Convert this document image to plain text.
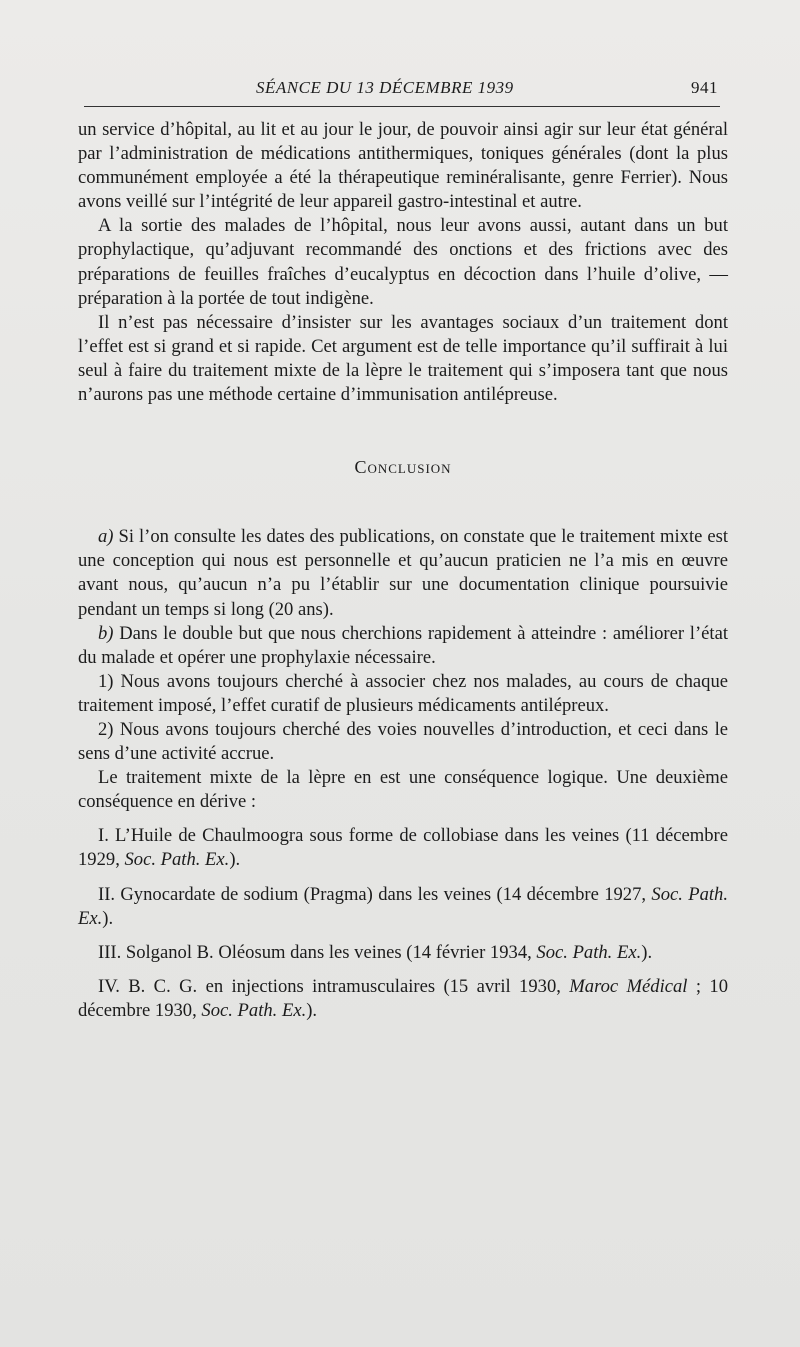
SÉANCE DU 13 DÉCEMBRE 1939	941

un service d’hôpital, au lit et au jour le jour, de pouvoir ainsi agir sur leur état général par l’administration de médications antithermiques, toniques générales (dont la plus communément employée a été la thérapeutique reminéralisante, genre Ferrier). Nous avons veillé sur l’intégrité de leur appareil gastro-intestinal et autre.

A la sortie des malades de l’hôpital, nous leur avons aussi, autant dans un but prophylactique, qu’adjuvant recommandé des onctions et des frictions avec des préparations de feuilles fraîches d’eucalyptus en décoction dans l’huile d’olive, — préparation à la portée de tout indigène.

Il n’est pas nécessaire d’insister sur les avantages sociaux d’un traitement dont l’effet est si grand et si rapide. Cet argument est de telle importance qu’il suffirait à lui seul à faire du traitement mixte de la lèpre le traitement qui s’imposera tant que nous n’aurons pas une méthode certaine d’immunisation antilépreuse.

Conclusion

a) Si l’on consulte les dates des publications, on constate que le traitement mixte est une conception qui nous est personnelle et qu’aucun praticien ne l’a mis en œuvre avant nous, qu’aucun n’a pu l’établir sur une documentation clinique poursuivie pendant un temps si long (20 ans).

b) Dans le double but que nous cherchions rapidement à atteindre : améliorer l’état du malade et opérer une prophylaxie nécessaire.

1) Nous avons toujours cherché à associer chez nos malades, au cours de chaque traitement imposé, l’effet curatif de plusieurs médicaments antilépreux.

2) Nous avons toujours cherché des voies nouvelles d’introduction, et ceci dans le sens d’une activité accrue.

Le traitement mixte de la lèpre en est une conséquence logique. Une deuxième conséquence en dérive :

I. L’Huile de Chaulmoogra sous forme de collobiase dans les veines (11 décembre 1929, Soc. Path. Ex.).

II. Gynocardate de sodium (Pragma) dans les veines (14 décembre 1927, Soc. Path. Ex.).

III. Solganol B. Oléosum dans les veines (14 février 1934, Soc. Path. Ex.).

IV. B. C. G. en injections intramusculaires (15 avril 1930, Maroc Médical ; 10 décembre 1930, Soc. Path. Ex.).
